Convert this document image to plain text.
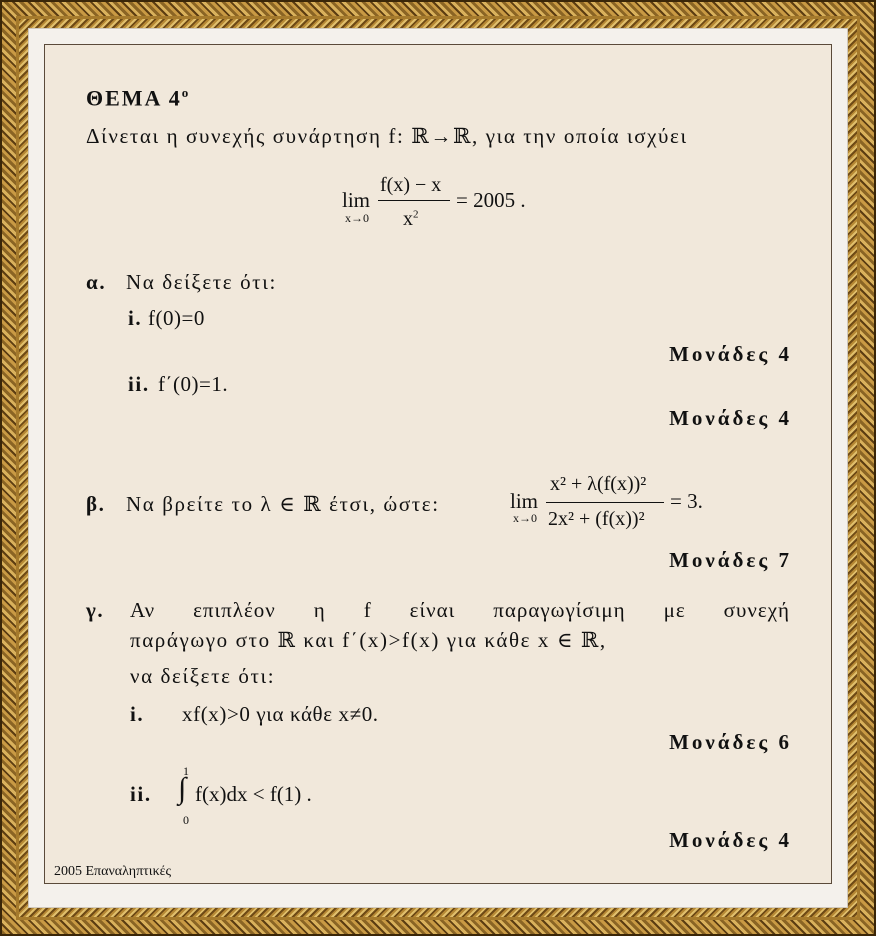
ΘΕΜΑ $4^o$
Δίνεται η συνεχής συνάρτηση f: ℝ→ℝ, για την οποία ισχύει
lim
x→0
f(x) − x
$x^2$
= 2005 .
α. Να δείξετε ότι:
i. f(0)=0
Μονάδες 4
ii. f΄(0)=1.
Μονάδες 4
β. Να βρείτε το λ ∈ ℝ έτσι, ώστε:	lim
x→0
x² + λ(f(x))²
2x² + (f(x))²
= 3.
Μονάδες 7
γ. Αν επιπλέον η f είναι παραγωγίσιμη με συνεχή
παράγωγο στο ℝ και f΄(x)>f(x) για κάθε x ∈ ℝ,
να δείξετε ότι:
i. xf(x)>0 για κάθε x≠0.
Μονάδες 6
ii.
1
∫
0
f(x)dx < f(1) .
Μονάδες 4
2005 Επαναληπτικές
